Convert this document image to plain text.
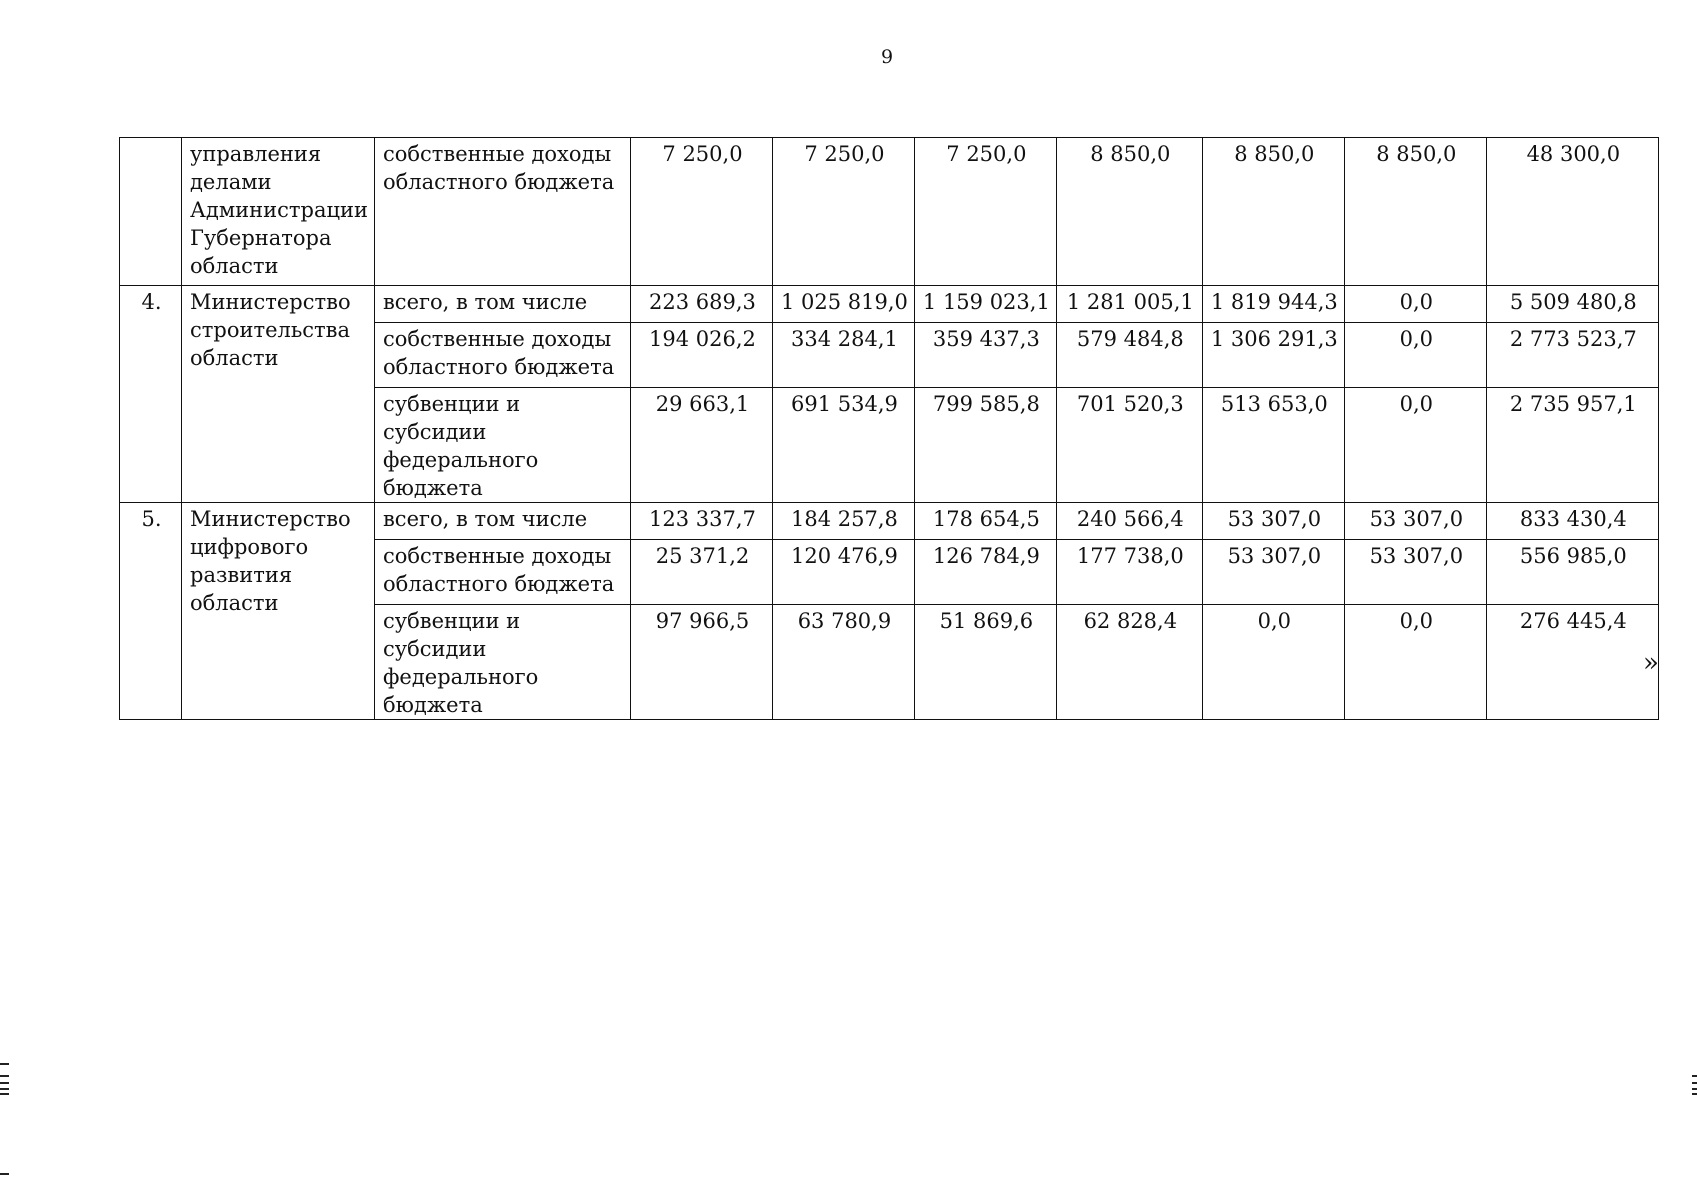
9
	управления делами Администрации Губернатора области	собственные доходы областного бюджета	7 250,0	7 250,0	7 250,0	8 850,0	8 850,0	8 850,0	48 300,0
4.	Министерство строительства области	всего, в том числе	223 689,3	1 025 819,0	1 159 023,1	1 281 005,1	1 819 944,3	0,0	5 509 480,8
		собственные доходы областного бюджета	194 026,2	334 284,1	359 437,3	579 484,8	1 306 291,3	0,0	2 773 523,7
		субвенции и субсидии федерального бюджета	29 663,1	691 534,9	799 585,8	701 520,3	513 653,0	0,0	2 735 957,1
5.	Министерство цифрового развития области	всего, в том числе	123 337,7	184 257,8	178 654,5	240 566,4	53 307,0	53 307,0	833 430,4
		собственные доходы областного бюджета	25 371,2	120 476,9	126 784,9	177 738,0	53 307,0	53 307,0	556 985,0
		субвенции и субсидии федерального бюджета	97 966,5	63 780,9	51 869,6	62 828,4	0,0	0,0	276 445,4
»
